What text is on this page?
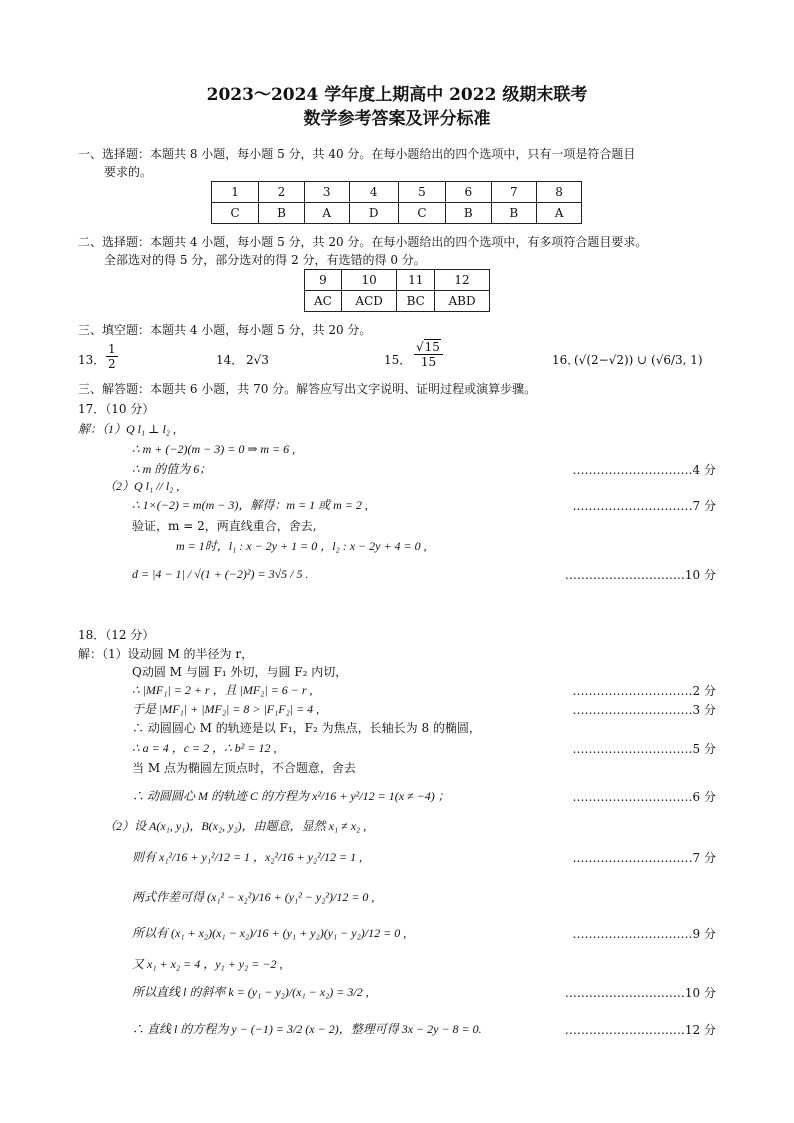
2023～2024 学年度上期高中 2022 级期末联考
数学参考答案及评分标准
一、选择题：本题共 8 小题，每小题 5 分，共 40 分。在每小题给出的四个选项中，只有一项是符合题目
要求的。
1	2	3	4	5	6	7	8
C	B	A	D	C	B	B	A
二、选择题：本题共 4 小题，每小题 5 分，共 20 分。在每小题给出的四个选项中，有多项符合题目要求。
全部选对的得 5 分，部分选对的得 2 分，有选错的得 0 分。
9	10	11	12
AC	ACD	BC	ABD
三、填空题：本题共 4 小题，每小题 5 分，共 20 分。
13． $\frac{1}{2}$	14． 2√3	15． $\frac{√15}{15}$	16．
(√(2−√2)) ∪ (√6/3, 1)
三、解答题：本题共 6 小题，共 70 分。解答应写出文字说明、证明过程或演算步骤。
17．（10 分）
解：（1）Q l₁ ⊥ l₂ ,
∴ m + (−2)(m − 3) = 0 ⇒ m = 6 ,
∴ m 的值为 6；	…………………………4 分
（2）Q l₁ // l₂ ,
∴ 1×(−2) = m(m − 3)，解得：m = 1 或 m = 2 ,	…………………………7 分
验证，m = 2，两直线重合，舍去,
m = 1时，l₁ : x − 2y + 1 = 0 ，l₂ : x − 2y + 4 = 0 ,
d = |4 − 1| / √(1 + (−2)²) = 3√5 / 5 .	…………………………10 分
18．（12 分）
解：（1）设动圆 M 的半径为 r，
Q动圆 M 与圆 F₁ 外切，与圆 F₂ 内切，
∴ |MF₁| = 2 + r ，且 |MF₂| = 6 − r ,	…………………………2 分
于是 |MF₁| + |MF₂| = 8 > |F₁F₂| = 4 ,	…………………………3 分
∴ 动圆圆心 M 的轨迹是以 F₁，F₂ 为焦点，长轴长为 8 的椭圆，
∴ a = 4 ，c = 2 ，∴ b² = 12 ,	…………………………5 分
当 M 点为椭圆左顶点时，不合题意，舍去
∴ 动圆圆心 M 的轨迹 C 的方程为 x²/16 + y²/12 = 1(x ≠ −4) ；	…………………………6 分
（2）设 A(x₁, y₁)，B(x₂, y₂)，由题意，显然 x₁ ≠ x₂ ,
则有 x₁²/16 + y₁²/12 = 1 ，x₂²/16 + y₂²/12 = 1 ,	…………………………7 分
两式作差可得 (x₁² − x₂²)/16 + (y₁² − y₂²)/12 = 0 ,
所以有 (x₁ + x₂)(x₁ − x₂)/16 + (y₁ + y₂)(y₁ − y₂)/12 = 0 ,	…………………………9 分
又 x₁ + x₂ = 4 ，y₁ + y₂ = −2 ,
所以直线 l 的斜率 k = (y₁ − y₂)/(x₁ − x₂) = 3/2 ,	…………………………10 分
∴ 直线 l 的方程为 y − (−1) = 3/2 (x − 2)，整理可得 3x − 2y − 8 = 0.	…………………………12 分
